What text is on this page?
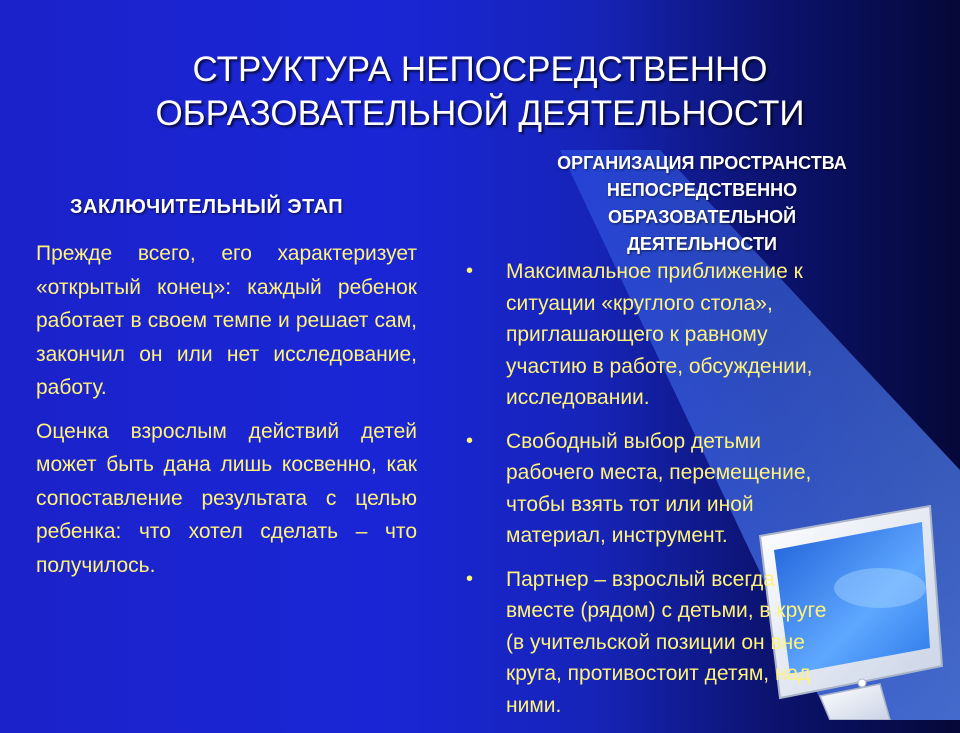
СТРУКТУРА НЕПОСРЕДСТВЕННО
ОБРАЗОВАТЕЛЬНОЙ ДЕЯТЕЛЬНОСТИ
ЗАКЛЮЧИТЕЛЬНЫЙ ЭТАП

Прежде всего, его характеризует «открытый конец»: каждый ребенок работает в своем темпе и решает сам, закончил он или нет исследование, работу.

Оценка взрослым действий детей может быть дана лишь косвенно, как сопоставление результата с целью ребенка: что хотел сделать – что получилось.

ОРГАНИЗАЦИЯ ПРОСТРАНСТВА
НЕПОСРЕДСТВЕННО
ОБРАЗОВАТЕЛЬНОЙ
ДЕЯТЕЛЬНОСТИ
• Максимальное приближение к
ситуации «круглого стола»,
приглашающего к равному
участию в работе, обсуждении,
исследовании.
• Свободный выбор детьми
рабочего места, перемещение,
чтобы взять тот или иной
материал, инструмент.
• Партнер – взрослый всегда
вместе (рядом) с детьми, в круге
(в учительской позиции он вне
круга, противостоит детям, над
ними.
